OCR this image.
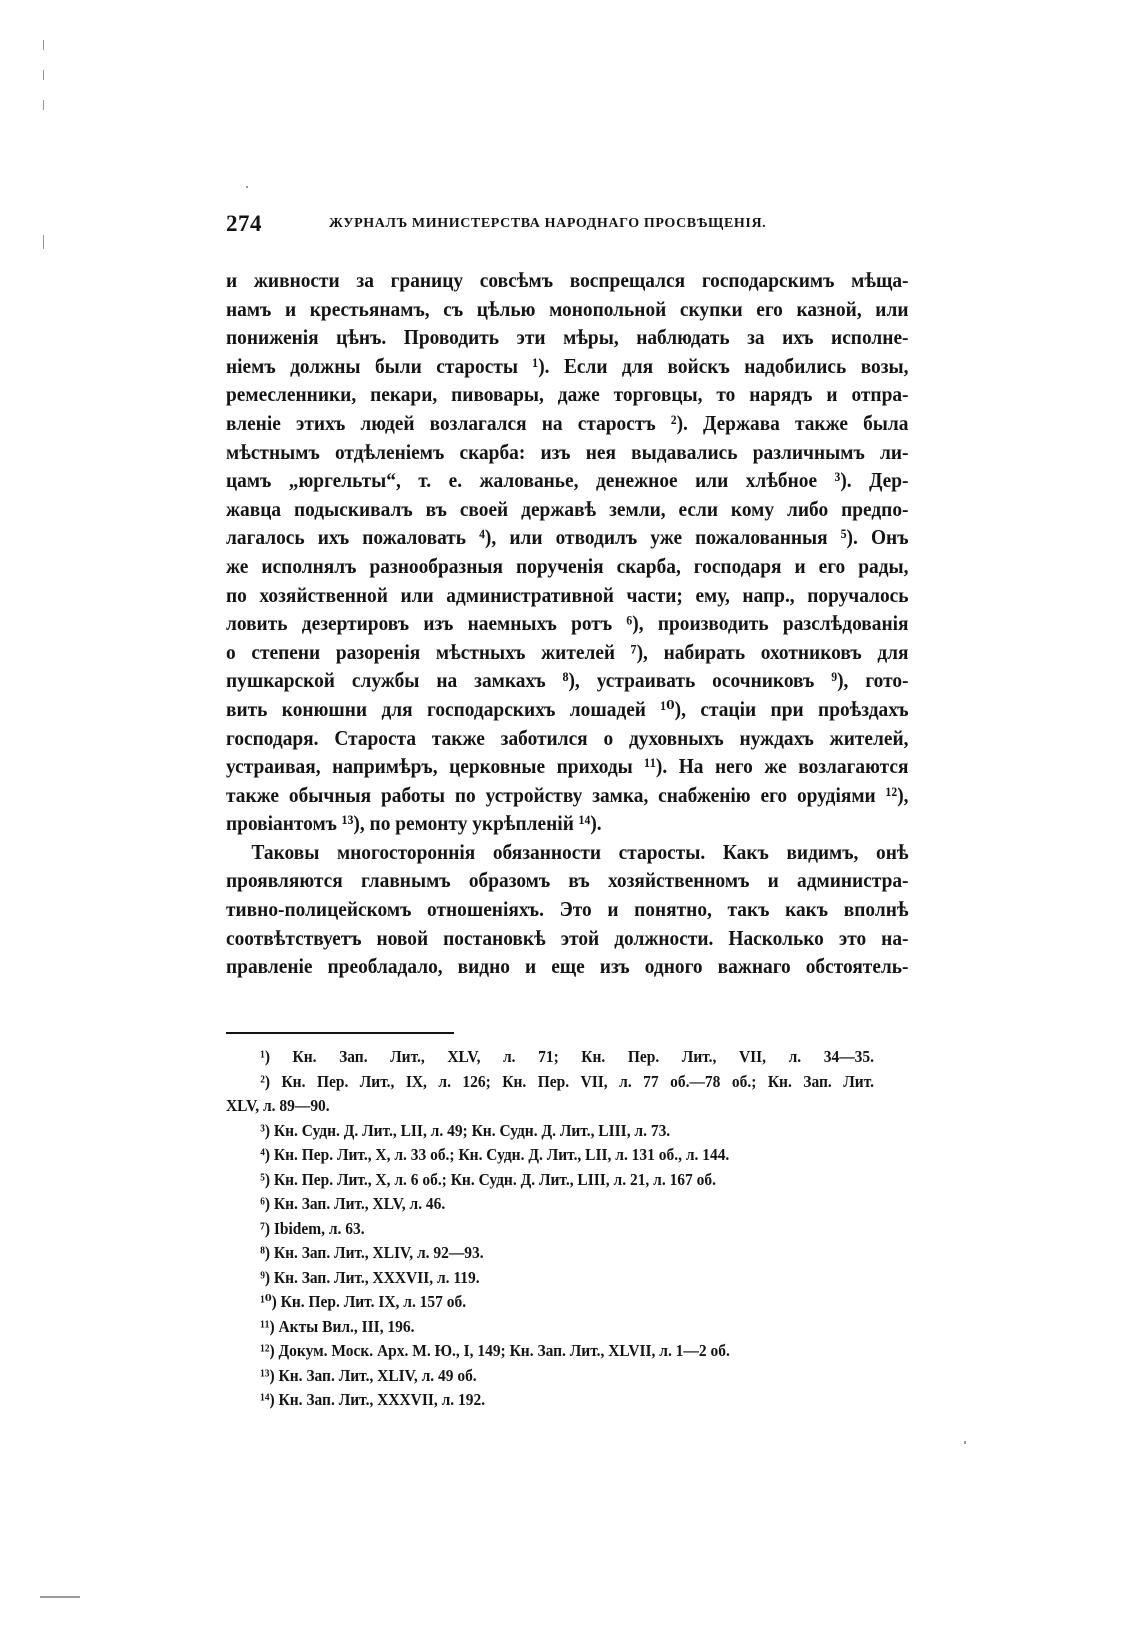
274	ЖУРНАЛЪ МИНИСТЕРСТВА НАРОДНАГО ПРОСВѢЩЕНІЯ.
и живности за границу совсѣмъ воспрещался господарскимъ мѣща-
намъ и крестьянамъ, съ цѣлью монопольной скупки его казной, или
пониженія цѣнъ. Проводить эти мѣры, наблюдать за ихъ исполне-
ніемъ должны были старосты ¹). Если для войскъ надобились возы,
ремесленники, пекари, пивовары, даже торговцы, то нарядъ и отпра-
вленіе этихъ людей возлагался на старостъ ²). Держава также была
мѣстнымъ отдѣленіемъ скарба: изъ нея выдавались различнымъ ли-
цамъ „юргельты“, т. е. жалованье, денежное или хлѣбное ³). Дер-
жавца подыскивалъ въ своей державѣ земли, если кому либо предпо-
лагалось ихъ пожаловать ⁴), или отводилъ уже пожалованныя ⁵). Онъ
же исполнялъ разнообразныя порученія скарба, господаря и его рады,
по хозяйственной или административной части; ему, напр., поручалось
ловить дезертировъ изъ наемныхъ ротъ ⁶), производить разслѣдованія
о степени разоренія мѣстныхъ жителей ⁷), набирать охотниковъ для
пушкарской службы на замкахъ ⁸), устраивать осочниковъ ⁹), гото-
вить конюшни для господарскихъ лошадей ¹⁰), стаціи при проѣздахъ
господаря. Староста также заботился о духовныхъ нуждахъ жителей,
устраивая, напримѣръ, церковные приходы ¹¹). На него же возлагаются
также обычныя работы по устройству замка, снабженію его орудіями ¹²),
провіантомъ ¹³), по ремонту укрѣпленій ¹⁴).
Таковы многостороннія обязанности старосты. Какъ видимъ, онѣ
проявляются главнымъ образомъ въ хозяйственномъ и администра-
тивно-полицейскомъ отношеніяхъ. Это и понятно, такъ какъ вполнѣ
соотвѣтствуетъ новой постановкѣ этой должности. Насколько это на-
правленіе преобладало, видно и еще изъ одного важнаго обстоятель-
¹) Кн. Зап. Лит., XLV, л. 71; Кн. Пер. Лит., VII, л. 34—35.
²) Кн. Пер. Лит., IX, л. 126; Кн. Пер. VII, л. 77 об.—78 об.; Кн. Зап. Лит.
XLV, л. 89—90.
³) Кн. Судн. Д. Лит., LII, л. 49; Кн. Судн. Д. Лит., LIII, л. 73.
⁴) Кн. Пер. Лит., X, л. 33 об.; Кн. Судн. Д. Лит., LII, л. 131 об., л. 144.
⁵) Кн. Пер. Лит., X, л. 6 об.; Кн. Судн. Д. Лит., LIII, л. 21, л. 167 об.
⁶) Кн. Зап. Лит., XLV, л. 46.
⁷) Ibidem, л. 63.
⁸) Кн. Зап. Лит., XLIV, л. 92—93.
⁹) Кн. Зап. Лит., XXXVII, л. 119.
¹⁰) Кн. Пер. Лит. IX, л. 157 об.
¹¹) Акты Вил., III, 196.
¹²) Докум. Моск. Арх. М. Ю., I, 149; Кн. Зап. Лит., XLVII, л. 1—2 об.
¹³) Кн. Зап. Лит., XLIV, л. 49 об.
¹⁴) Кн. Зап. Лит., XXXVII, л. 192.
